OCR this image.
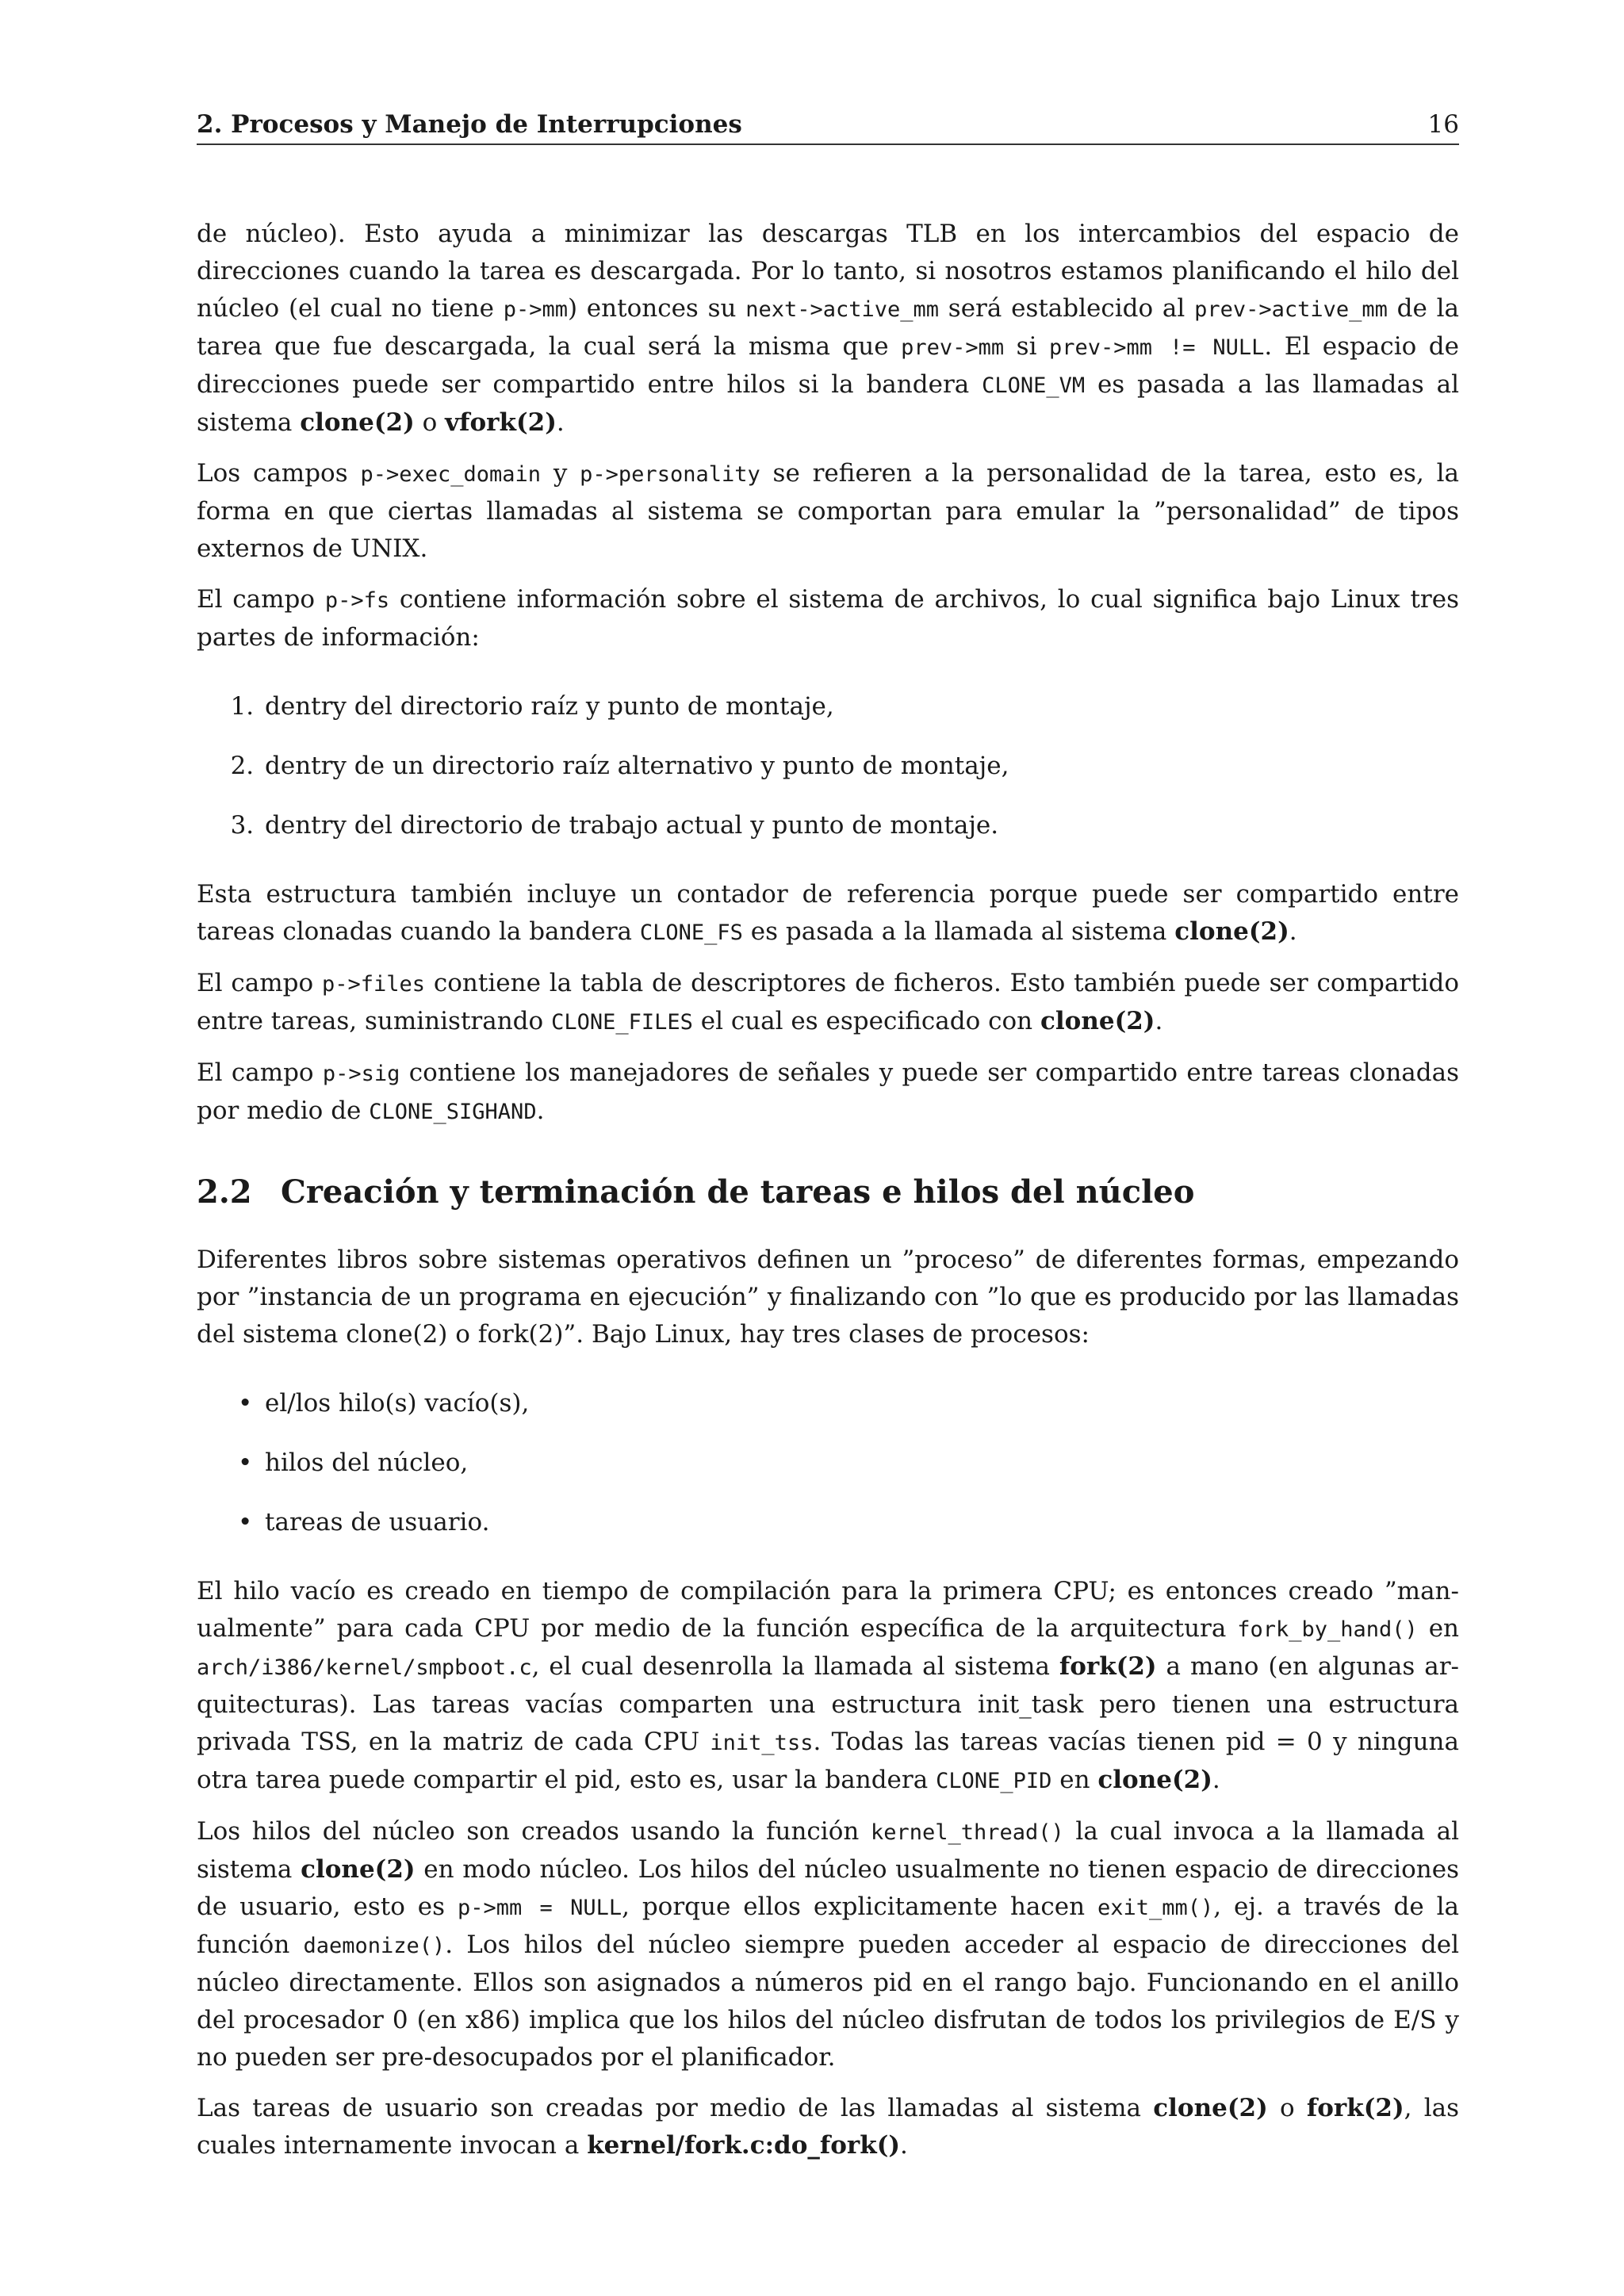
2. Procesos y Manejo de Interrupciones	16

de núcleo). Esto ayuda a minimizar las descargas TLB en los intercambios del espacio de direcciones cuando la tarea es descargada. Por lo tanto, si nosotros estamos planificando el hilo del núcleo (el cual no tiene p->mm) entonces su next->active_mm será establecido al prev->active_mm de la tarea que fue descargada, la cual será la misma que prev->mm si prev->mm != NULL. El espacio de direcciones puede ser compartido entre hilos si la bandera CLONE_VM es pasada a las llamadas al sistema clone(2) o vfork(2).

Los campos p->exec_domain y p->personality se refieren a la personalidad de la tarea, esto es, la forma en que ciertas llamadas al sistema se comportan para emular la ”personalidad” de tipos externos de UNIX.

El campo p->fs contiene información sobre el sistema de archivos, lo cual significa bajo Linux tres partes de información:

1. dentry del directorio raíz y punto de montaje,
2. dentry de un directorio raíz alternativo y punto de montaje,
3. dentry del directorio de trabajo actual y punto de montaje.

Esta estructura también incluye un contador de referencia porque puede ser compartido entre tareas clonadas cuando la bandera CLONE_FS es pasada a la llamada al sistema clone(2).

El campo p->files contiene la tabla de descriptores de ficheros. Esto también puede ser compartido entre tareas, suministrando CLONE_FILES el cual es especificado con clone(2).

El campo p->sig contiene los manejadores de señales y puede ser compartido entre tareas clonadas por medio de CLONE_SIGHAND.

2.2 Creación y terminación de tareas e hilos del núcleo

Diferentes libros sobre sistemas operativos definen un ”proceso” de diferentes formas, empezando por ”instancia de un programa en ejecución” y finalizando con ”lo que es producido por las llamadas del sistema clone(2) o fork(2)”. Bajo Linux, hay tres clases de procesos:

• el/los hilo(s) vacío(s),
• hilos del núcleo,
• tareas de usuario.

El hilo vacío es creado en tiempo de compilación para la primera CPU; es entonces creado ”manualmente” para cada CPU por medio de la función específica de la arquitectura fork_by_hand() en arch/i386/kernel/smpboot.c, el cual desenrolla la llamada al sistema fork(2) a mano (en algunas arquitecturas). Las tareas vacías comparten una estructura init_task pero tienen una estructura privada TSS, en la matriz de cada CPU init_tss. Todas las tareas vacías tienen pid = 0 y ninguna otra tarea puede compartir el pid, esto es, usar la bandera CLONE_PID en clone(2).

Los hilos del núcleo son creados usando la función kernel_thread() la cual invoca a la llamada al sistema clone(2) en modo núcleo. Los hilos del núcleo usualmente no tienen espacio de direcciones de usuario, esto es p->mm = NULL, porque ellos explicitamente hacen exit_mm(), ej. a través de la función daemonize(). Los hilos del núcleo siempre pueden acceder al espacio de direcciones del núcleo directamente. Ellos son asignados a números pid en el rango bajo. Funcionando en el anillo del procesador 0 (en x86) implica que los hilos del núcleo disfrutan de todos los privilegios de E/S y no pueden ser pre-desocupados por el planificador.

Las tareas de usuario son creadas por medio de las llamadas al sistema clone(2) o fork(2), las cuales internamente invocan a kernel/fork.c:do_fork().
